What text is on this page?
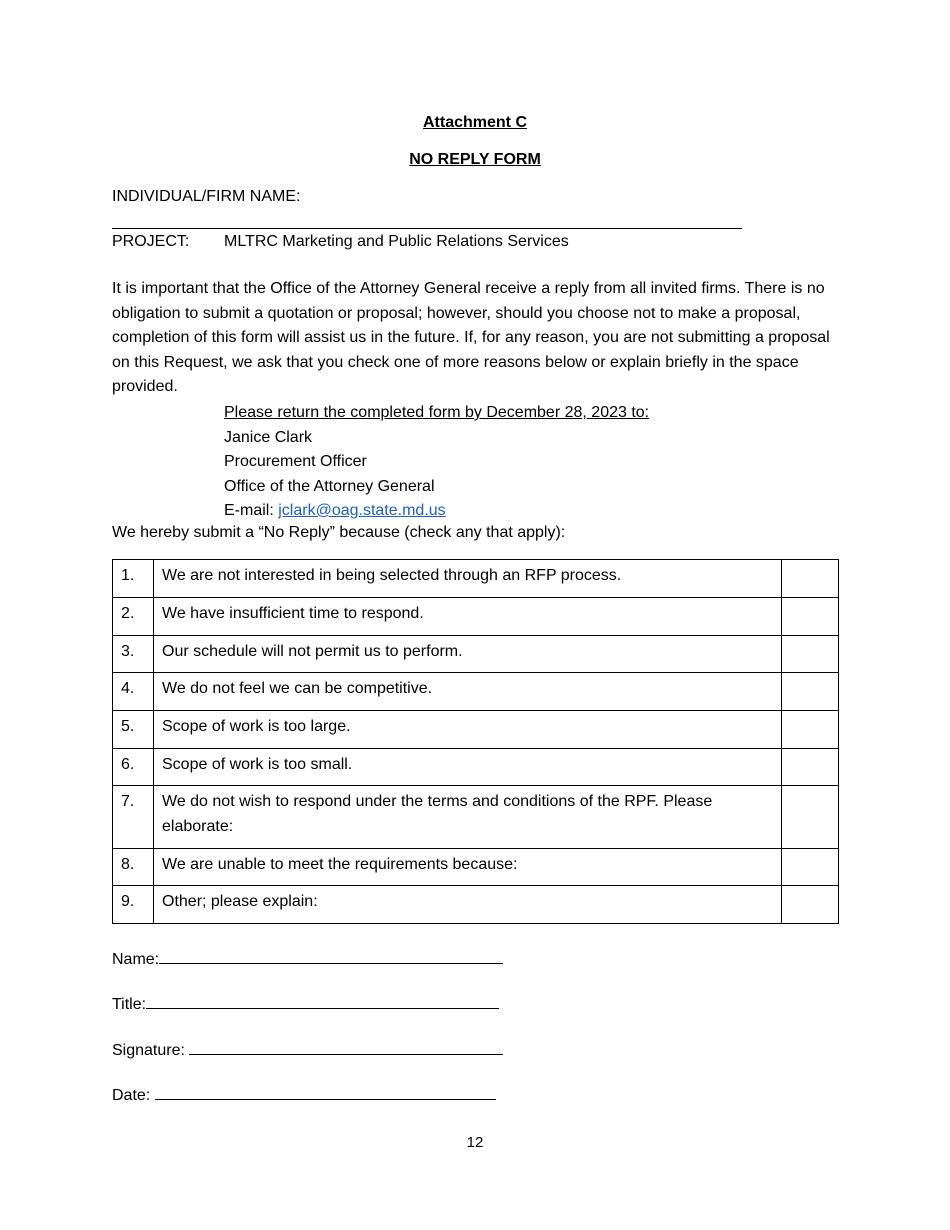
Attachment C
NO REPLY FORM
INDIVIDUAL/FIRM NAME:
PROJECT: MLTRC Marketing and Public Relations Services
It is important that the Office of the Attorney General receive a reply from all invited firms. There is no obligation to submit a quotation or proposal; however, should you choose not to make a proposal, completion of this form will assist us in the future. If, for any reason, you are not submitting a proposal on this Request, we ask that you check one of more reasons below or explain briefly in the space provided.
Please return the completed form by December 28, 2023 to:
Janice Clark
Procurement Officer
Office of the Attorney General
E-mail: jclark@oag.state.md.us
We hereby submit a “No Reply” because (check any that apply):
1.	We are not interested in being selected through an RFP process.	
2.	We have insufficient time to respond.	
3.	Our schedule will not permit us to perform.	
4.	We do not feel we can be competitive.	
5.	Scope of work is too large.	
6.	Scope of work is too small.	
7.	We do not wish to respond under the terms and conditions of the RPF. Please elaborate:	
8.	We are unable to meet the requirements because:	
9.	Other; please explain:	
Name:
Title:
Signature:
Date:
12
